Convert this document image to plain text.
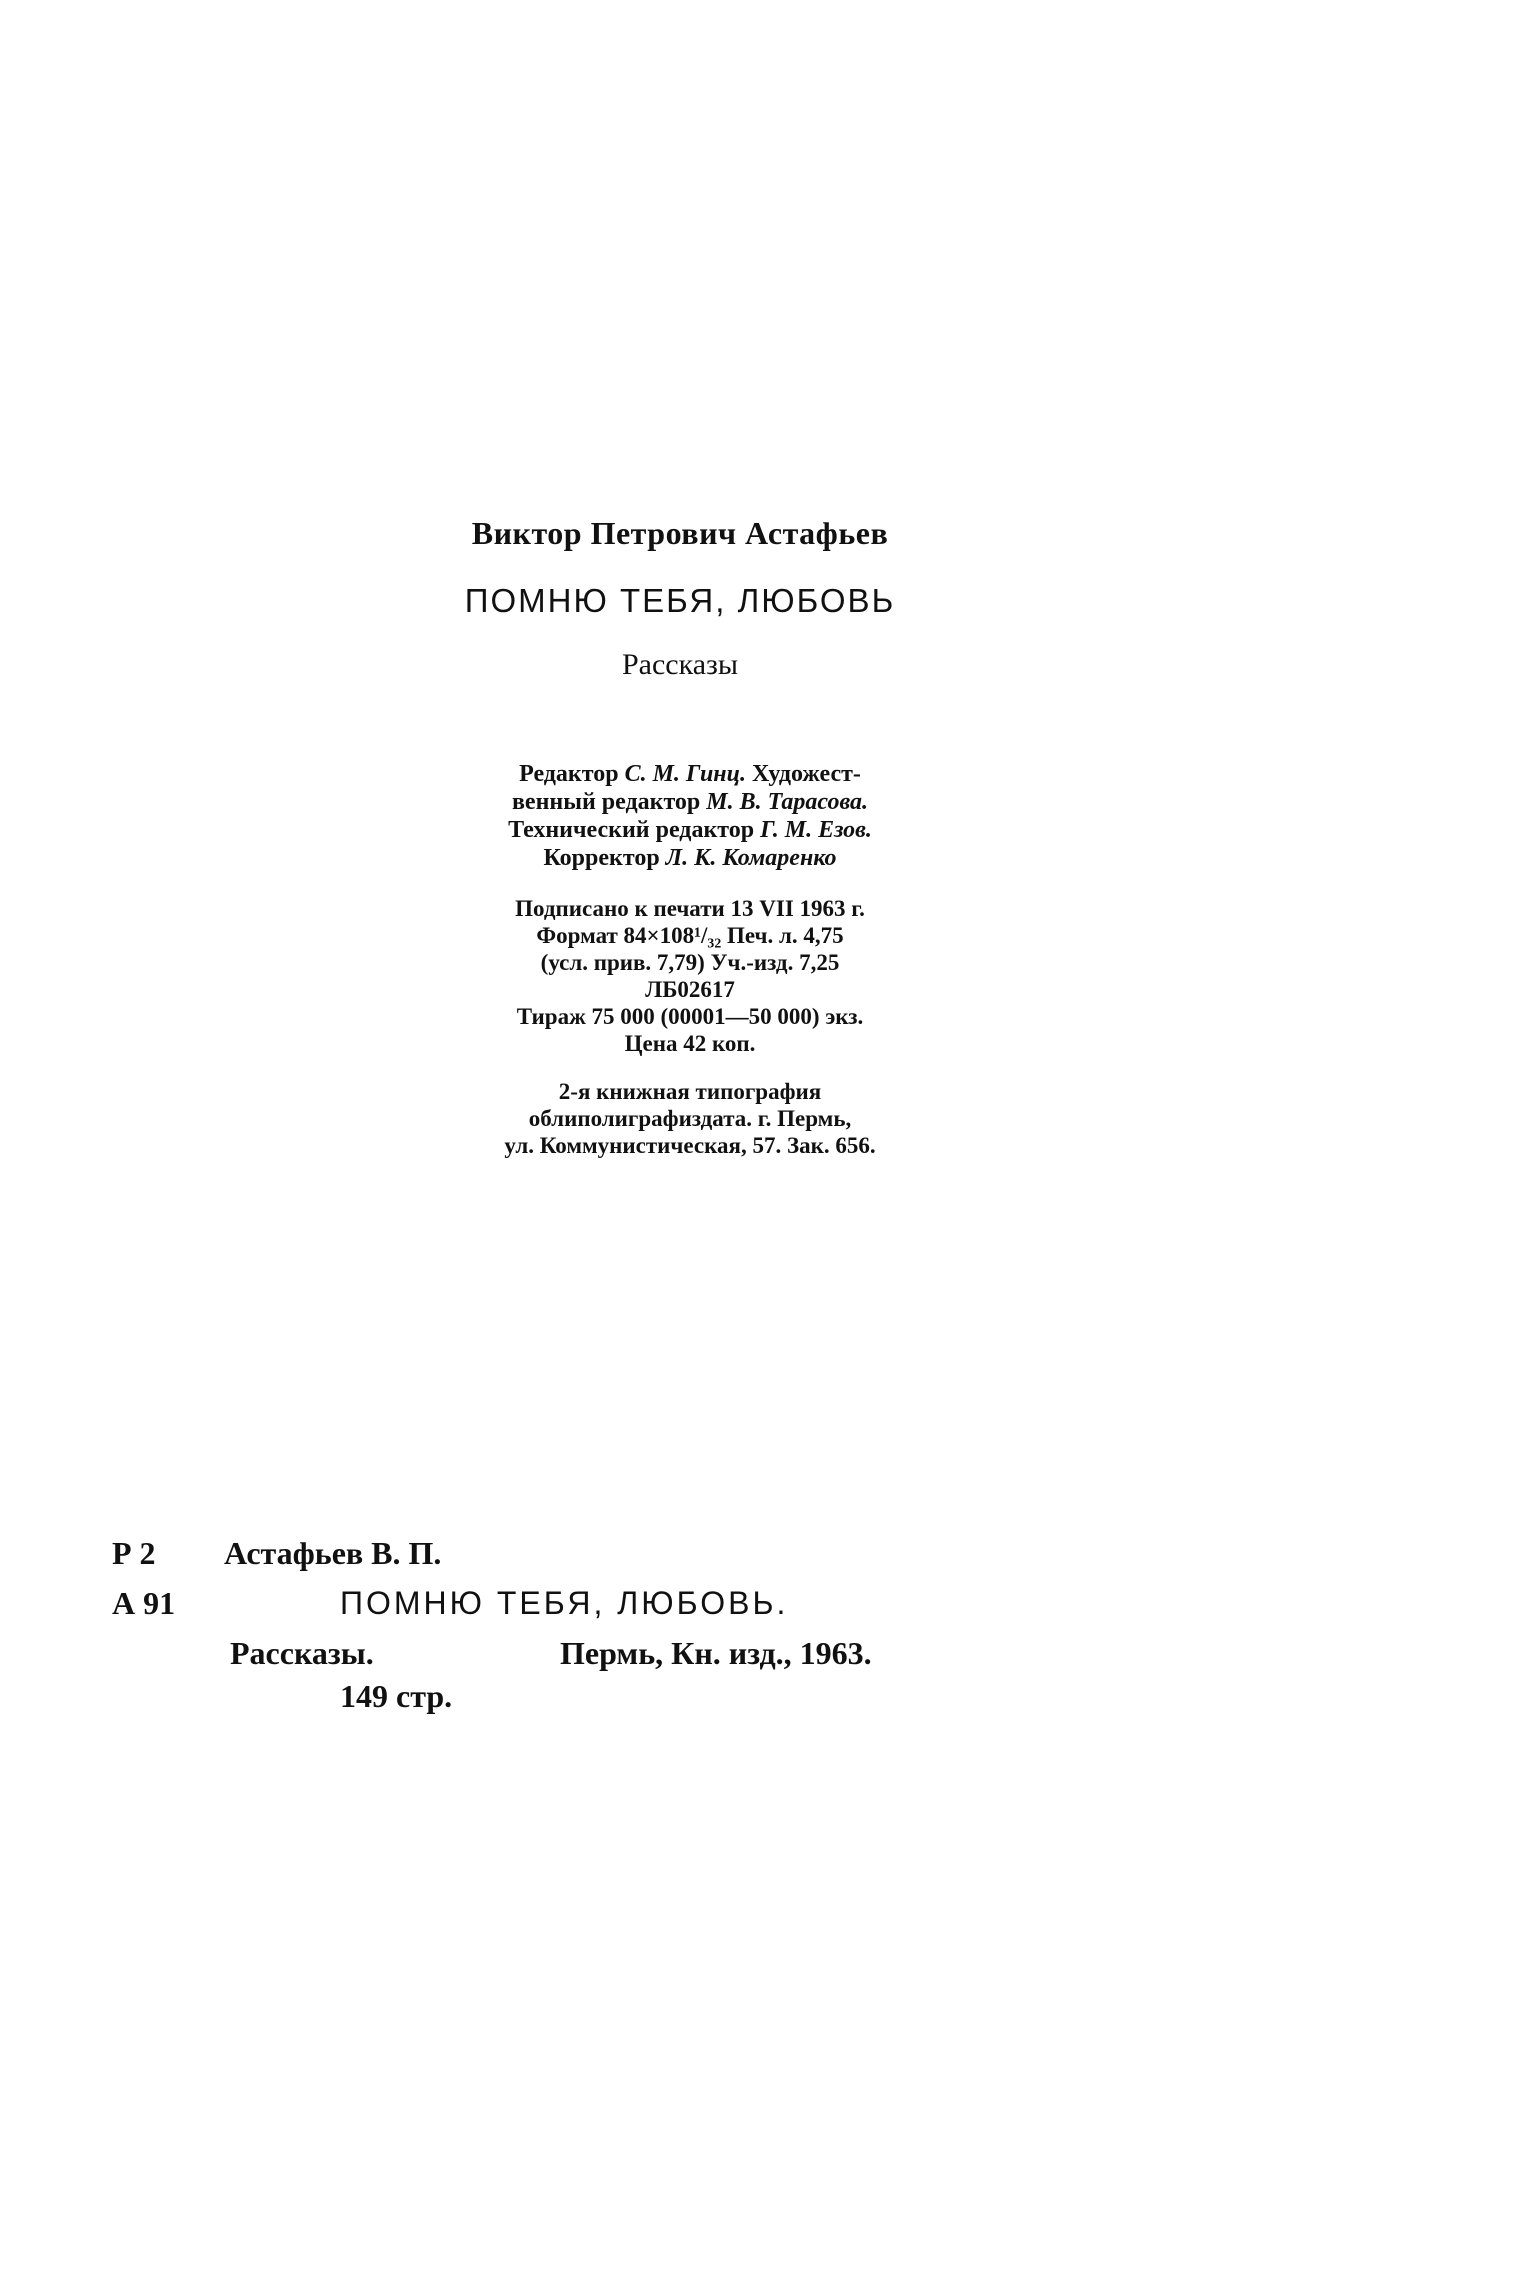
Виктор Петрович Астафьев
ПОМНЮ ТЕБЯ, ЛЮБОВЬ
Рассказы
Редактор С. М. Гинц. Художест-
венный редактор М. В. Тарасова.
Технический редактор Г. М. Езов.
Корректор Л. К. Комаренко
Подписано к печати 13 VII 1963 г.
Формат 84×108¹/₃₂ Печ. л. 4,75
(усл. прив. 7,79) Уч.-изд. 7,25
ЛБ02617
Тираж 75 000 (00001—50 000) экз.
Цена 42 коп.
2-я книжная типография
облиполиграфиздата. г. Пермь,
ул. Коммунистическая, 57. Зак. 656.
Р 2 Астафьев В. П.
А 91	ПОМНЮ ТЕБЯ, ЛЮБОВЬ.
Рассказы.	Пермь, Кн. изд., 1963.
149 стр.
